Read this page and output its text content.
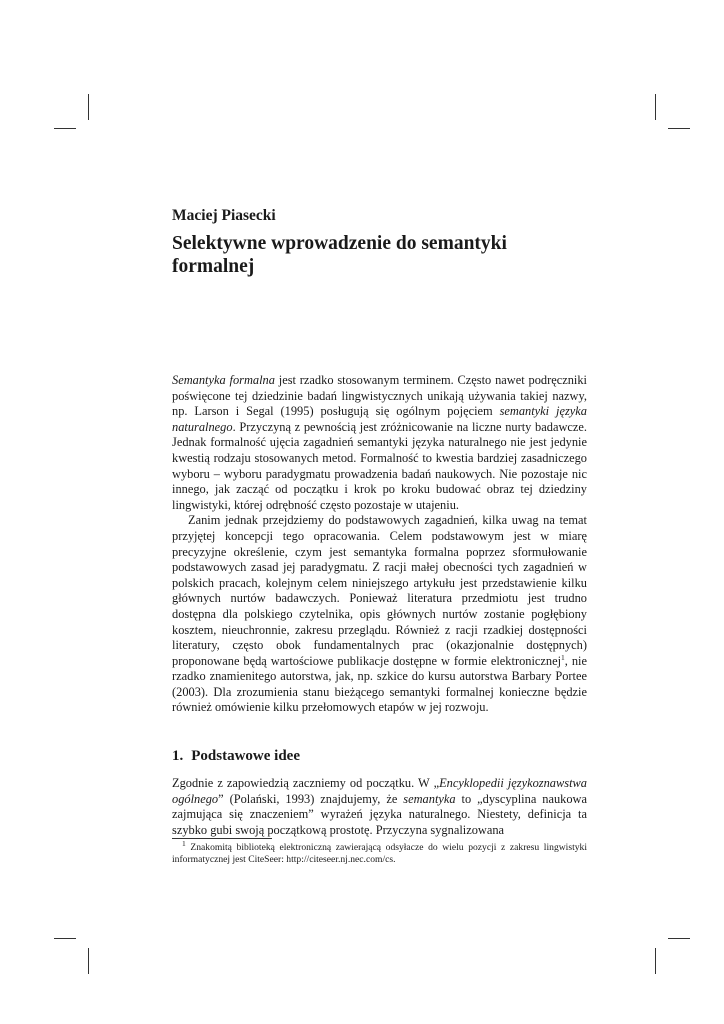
Maciej Piasecki
Selektywne wprowadzenie do semantyki formalnej

Semantyka formalna jest rzadko stosowanym terminem. Często nawet podręczniki poświęcone tej dziedzinie badań lingwistycznych unikają używania takiej nazwy, np. Larson i Segal (1995) posługują się ogólnym pojęciem semantyki języka naturalnego. Przyczyną z pewnością jest zróżnicowanie na liczne nurty badawcze. Jednak formalność ujęcia zagadnień semantyki języka naturalnego nie jest jedynie kwestią rodzaju stosowanych metod. Formalność to kwestia bardziej zasadniczego wyboru – wyboru paradygmatu prowadzenia badań naukowych. Nie pozostaje nic innego, jak zacząć od początku i krok po kroku budować obraz tej dziedziny lingwistyki, której odrębność często pozostaje w utajeniu.

Zanim jednak przejdziemy do podstawowych zagadnień, kilka uwag na temat przyjętej koncepcji tego opracowania. Celem podstawowym jest w miarę precyzyjne określenie, czym jest semantyka formalna poprzez sformułowanie podstawowych zasad jej paradygmatu. Z racji małej obecności tych zagadnień w polskich pracach, kolejnym celem niniejszego artykułu jest przedstawienie kilku głównych nurtów badawczych. Ponieważ literatura przedmiotu jest trudno dostępna dla polskiego czytelnika, opis głównych nurtów zostanie pogłębiony kosztem, nieuchronnie, zakresu przeglądu. Również z racji rzadkiej dostępności literatury, często obok fundamentalnych prac (okazjonalnie dostępnych) proponowane będą wartościowe publikacje dostępne w formie elektronicznej$^1$, nie rzadko znamienitego autorstwa, jak, np. szkice do kursu autorstwa Barbary Portee (2003). Dla zrozumienia stanu bieżącego semantyki formalnej konieczne będzie również omówienie kilku przełomowych etapów w jej rozwoju.

1. Podstawowe idee

Zgodnie z zapowiedzią zaczniemy od początku. W „Encyklopedii językoznawstwa ogólnego” (Polański, 1993) znajdujemy, że semantyka to „dyscyplina naukowa zajmująca się znaczeniem” wyrażeń języka naturalnego. Niestety, definicja ta szybko gubi swoją początkową prostotę. Przyczyna sygnalizowana

$^1$ Znakomitą biblioteką elektroniczną zawierającą odsyłacze do wielu pozycji z zakresu lingwistyki informatycznej jest CiteSeer: http://citeseer.nj.nec.com/cs.
